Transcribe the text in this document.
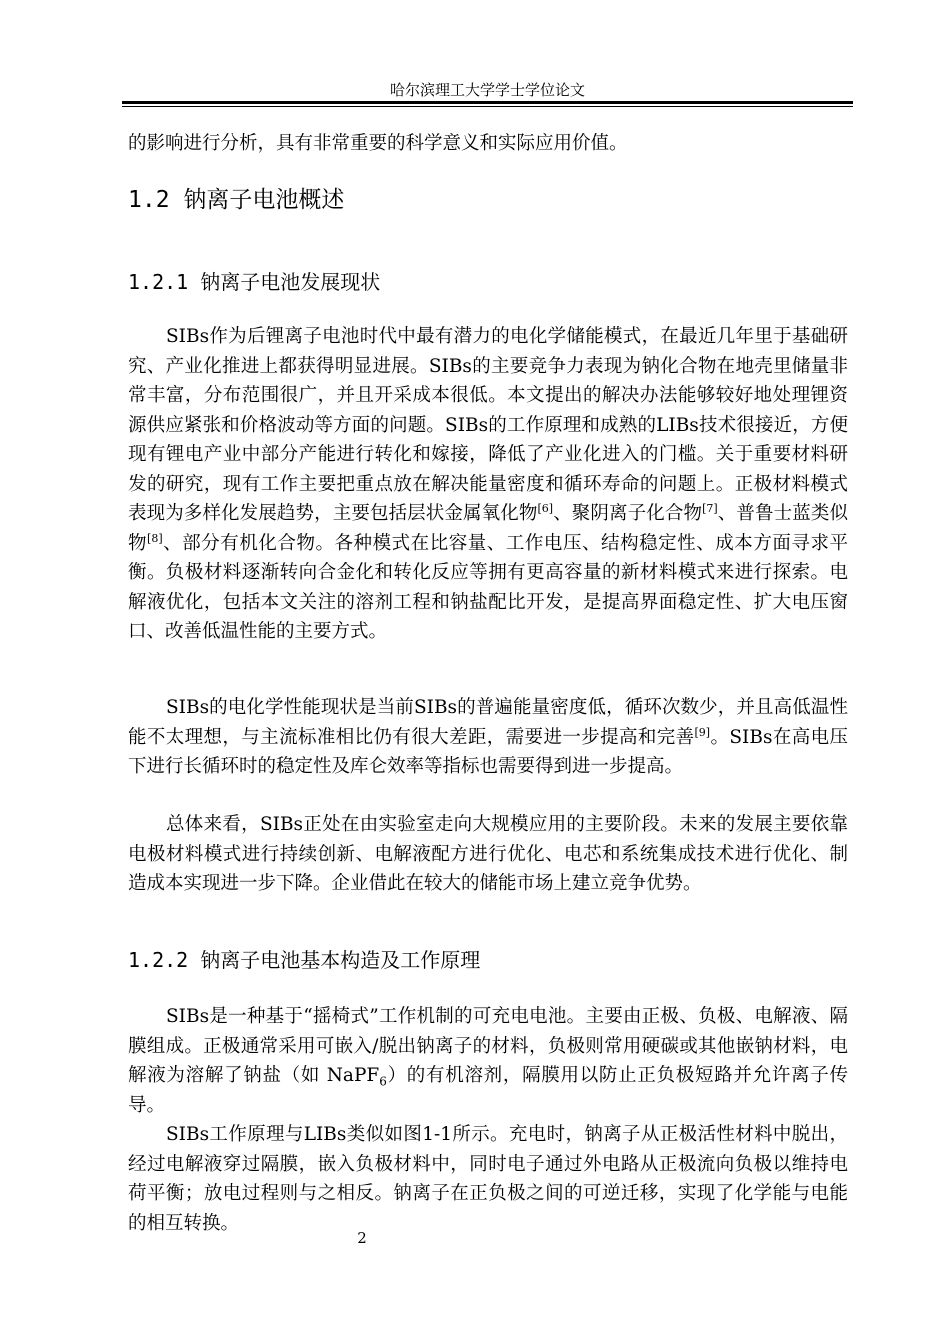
哈尔滨理工大学学士学位论文

的影响进行分析，具有非常重要的科学意义和实际应用价值。

1.2 钠离子电池概述
1.2.1 钠离子电池发展现状

SIBs作为后锂离子电池时代中最有潜力的电化学储能模式，在最近几年里于基础研究、产业化推进上都获得明显进展。SIBs的主要竞争力表现为钠化合物在地壳里储量非常丰富，分布范围很广，并且开采成本很低。本文提出的解决办法能够较好地处理锂资源供应紧张和价格波动等方面的问题。SIBs的工作原理和成熟的LIBs技术很接近，方便现有锂电产业中部分产能进行转化和嫁接，降低了产业化进入的门槛。关于重要材料研发的研究，现有工作主要把重点放在解决能量密度和循环寿命的问题上。正极材料模式表现为多样化发展趋势，主要包括层状金属氧化物[6]、聚阴离子化合物[7]、普鲁士蓝类似物[8]、部分有机化合物。各种模式在比容量、工作电压、结构稳定性、成本方面寻求平衡。负极材料逐渐转向合金化和转化反应等拥有更高容量的新材料模式来进行探索。电解液优化，包括本文关注的溶剂工程和钠盐配比开发，是提高界面稳定性、扩大电压窗口、改善低温性能的主要方式。

SIBs的电化学性能现状是当前SIBs的普遍能量密度低，循环次数少，并且高低温性能不太理想，与主流标准相比仍有很大差距，需要进一步提高和完善[9]。SIBs在高电压下进行长循环时的稳定性及库仑效率等指标也需要得到进一步提高。

总体来看，SIBs正处在由实验室走向大规模应用的主要阶段。未来的发展主要依靠电极材料模式进行持续创新、电解液配方进行优化、电芯和系统集成技术进行优化、制造成本实现进一步下降。企业借此在较大的储能市场上建立竞争优势。

1.2.2 钠离子电池基本构造及工作原理

SIBs是一种基于“摇椅式”工作机制的可充电电池。主要由正极、负极、电解液、隔膜组成。正极通常采用可嵌入/脱出钠离子的材料，负极则常用硬碳或其他嵌钠材料，电解液为溶解了钠盐（如 NaPF$_6$）的有机溶剂，隔膜用以防止正负极短路并允许离子传导。

SIBs工作原理与LIBs类似如图1-1所示。充电时，钠离子从正极活性材料中脱出，经过电解液穿过隔膜，嵌入负极材料中，同时电子通过外电路从正极流向负极以维持电荷平衡；放电过程则与之相反。钠离子在正负极之间的可逆迁移，实现了化学能与电能的相互转换。

2
